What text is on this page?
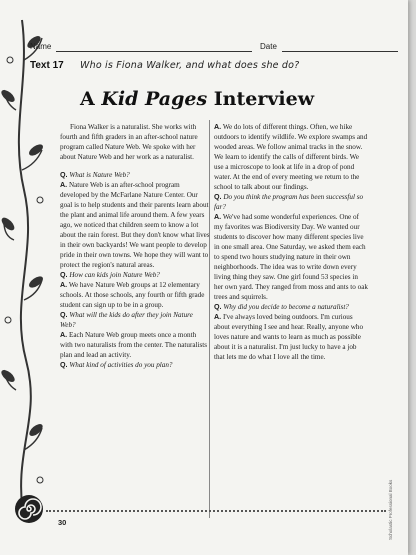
Name	Date
Text 17 Who is Fiona Walker, and what does she do?
A Kid Pages Interview

Fiona Walker is a naturalist. She works with fourth and fifth graders in an after-school nature program called Nature Web. We spoke with her about Nature Web and her work as a naturalist.

Q. What is Nature Web?

A. Nature Web is an after-school program developed by the McFarlane Nature Center. Our goal is to help students and their parents learn about the plant and animal life around them. A few years ago, we noticed that children seem to know a lot about the rain forest. But they don't know what lives in their own backyards! We want people to develop pride in their own towns. We hope they will want to protect the region's natural areas.

Q. How can kids join Nature Web?

A. We have Nature Web groups at 12 elementary schools. At those schools, any fourth or fifth grade student can sign up to be in a group.

Q. What will the kids do after they join Nature Web?

A. Each Nature Web group meets once a month with two naturalists from the center. The naturalists plan and lead an activity.

Q. What kind of activities do you plan?

A. We do lots of different things. Often, we hike outdoors to identify wildlife. We explore swamps and wooded areas. We follow animal tracks in the snow. We learn to identify the calls of different birds. We use a microscope to look at life in a drop of pond water. At the end of every meeting we return to the school to talk about our findings.

Q. Do you think the program has been successful so far?

A. We've had some wonderful experiences. One of my favorites was Biodiversity Day. We wanted our students to discover how many different species live in one small area. One Saturday, we asked them each to spend two hours studying nature in their own neighborhoods. The idea was to write down every living thing they saw. One girl found 53 species in her own yard. They ranged from moss and ants to oak trees and squirrels.

Q. Why did you decide to become a naturalist?

A. I've always loved being outdoors. I'm curious about everything I see and hear. Really, anyone who loves nature and wants to learn as much as possible about it is a naturalist. I'm just lucky to have a job that lets me do what I love all the time.

30	Scholastic Professional Books
